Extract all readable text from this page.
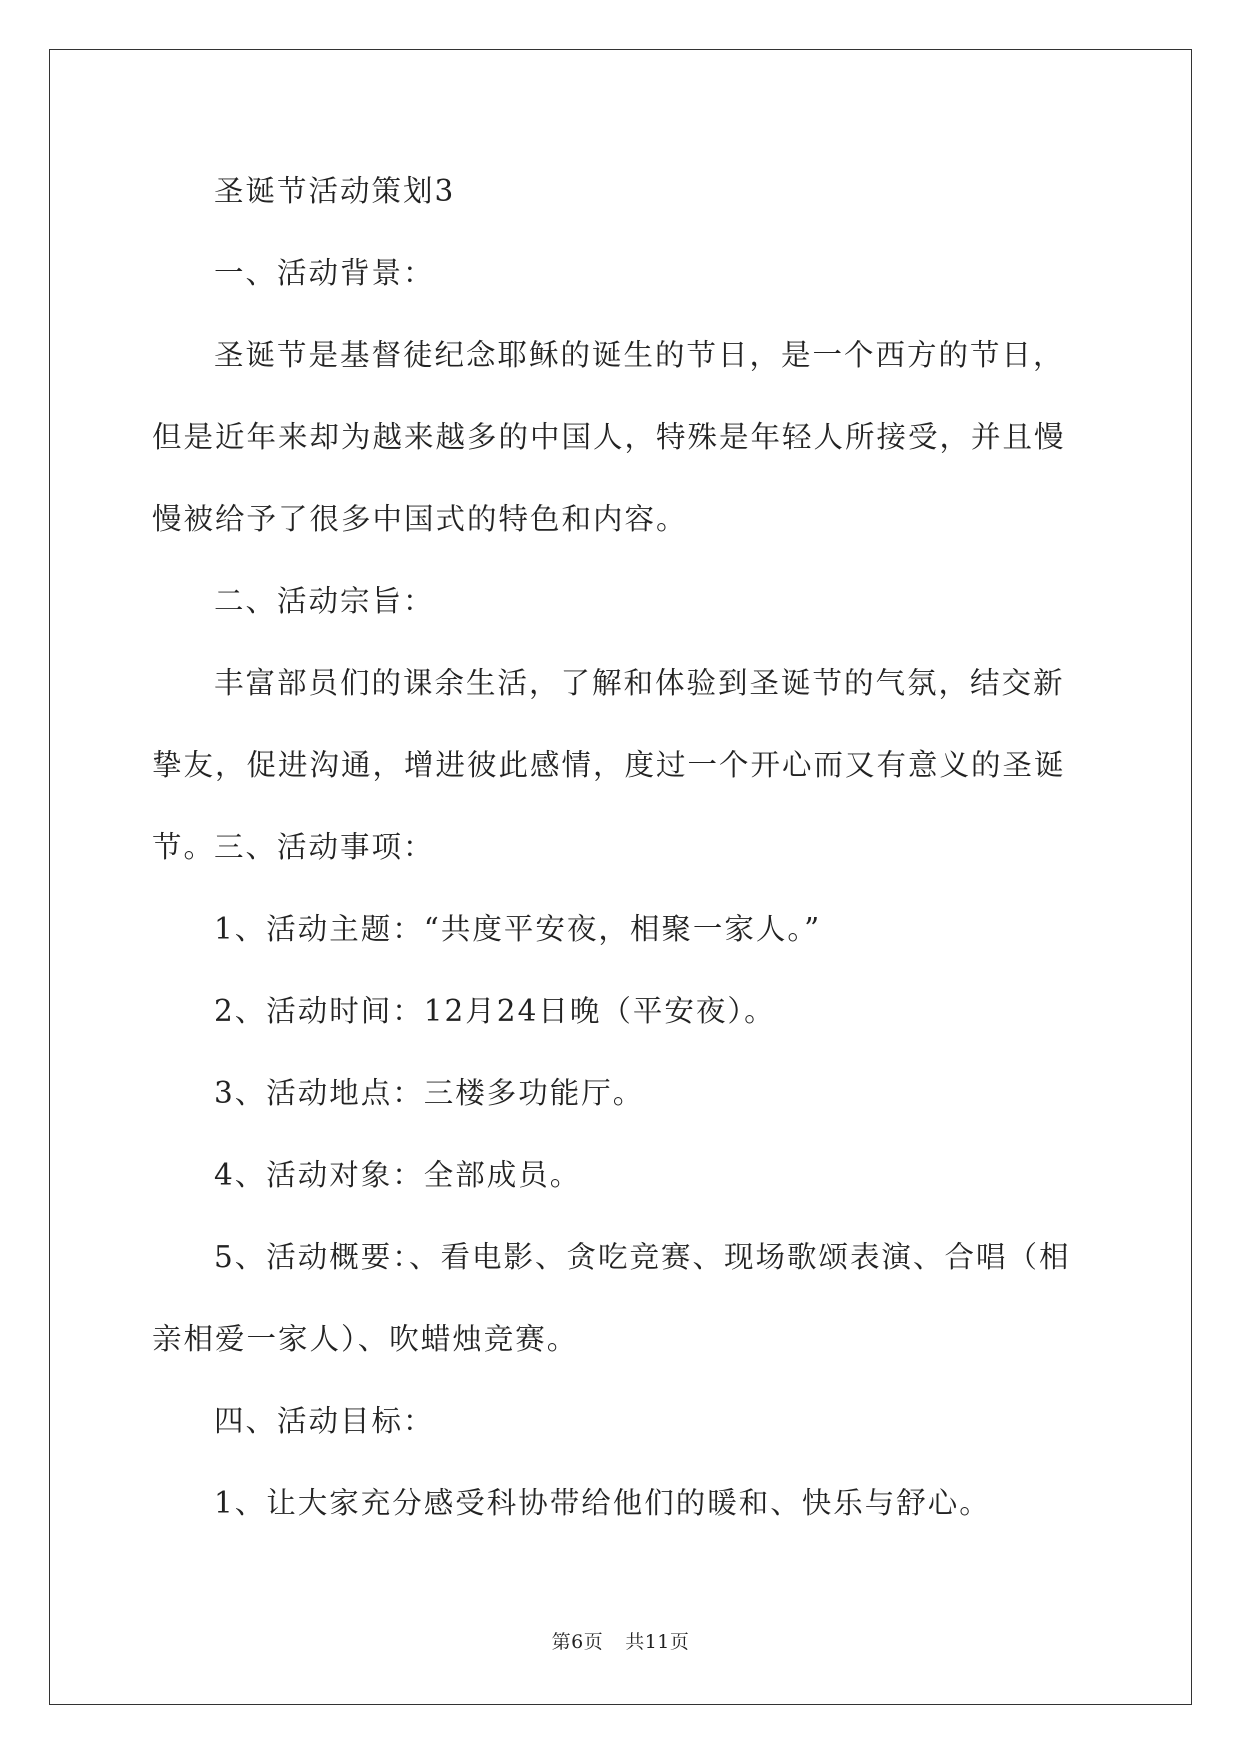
圣诞节活动策划3

一、活动背景：

圣诞节是基督徒纪念耶稣的诞生的节日，是一个西方的节日，但是近年来却为越来越多的中国人，特殊是年轻人所接受，并且慢慢被给予了很多中国式的特色和内容。

二、活动宗旨：

丰富部员们的课余生活，了解和体验到圣诞节的气氛，结交新挚友，促进沟通，增进彼此感情，度过一个开心而又有意义的圣诞节。

三、活动事项：

1、活动主题：“共度平安夜，相聚一家人。”

2、活动时间：12月24日晚（平安夜）。

3、活动地点：三楼多功能厅。

4、活动对象：全部成员。

5、活动概要：、看电影、贪吃竞赛、现场歌颂表演、合唱（相亲相爱一家人）、吹蜡烛竞赛。

四、活动目标：

1、让大家充分感受科协带给他们的暖和、快乐与舒心。

第6页 共11页
